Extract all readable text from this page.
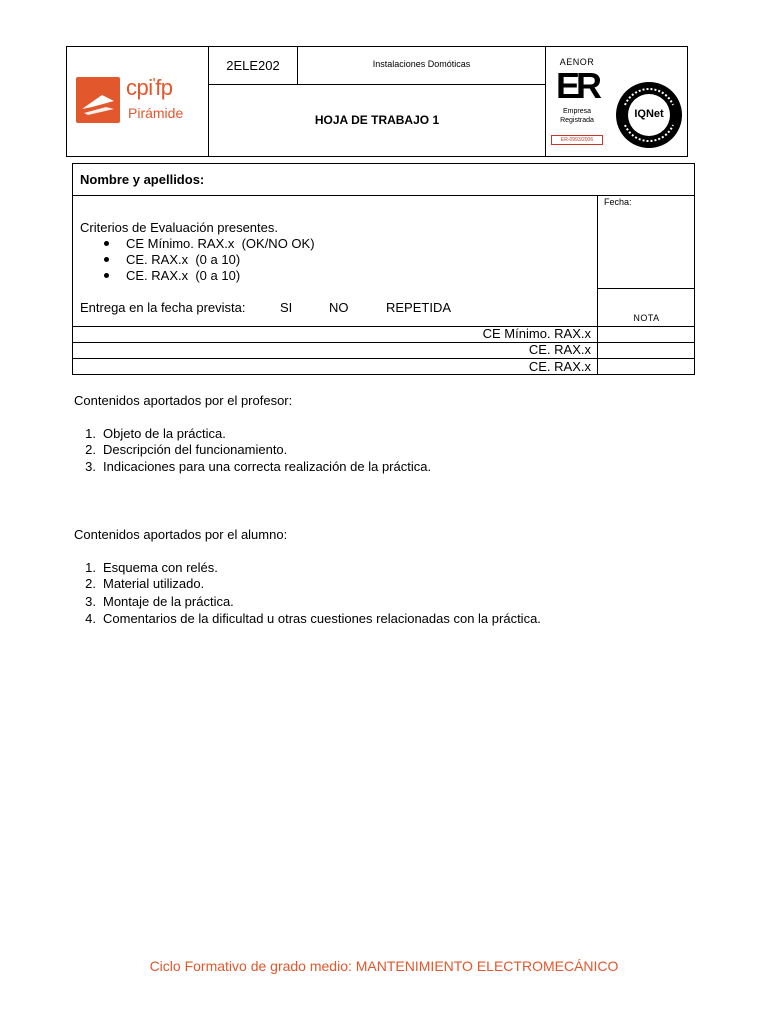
cpi'fp
Pirámide
2ELE202	Instalaciones Domóticas
HOJA DE TRABAJO 1
AENOR
ER
Empresa
Registrada
ER-0993/2006
IQNet
Nombre y apellidos:
Fecha:
Criterios de Evaluación presentes.
CE Mínimo. RAX.x  (OK/NO OK)
CE. RAX.x  (0 a 10)
CE. RAX.x  (0 a 10)
Entrega en la fecha prevista:	SI	NO	REPETIDA
NOTA
CE Mínimo. RAX.x
CE. RAX.x
CE. RAX.x
Contenidos aportados por el profesor:
1. Objeto de la práctica.
2. Descripción del funcionamiento.
3. Indicaciones para una correcta realización de la práctica.
Contenidos aportados por el alumno:
1. Esquema con relés.
2. Material utilizado.
3. Montaje de la práctica.
4. Comentarios de la dificultad u otras cuestiones relacionadas con la práctica.
Ciclo Formativo de grado medio: MANTENIMIENTO ELECTROMECÁNICO
